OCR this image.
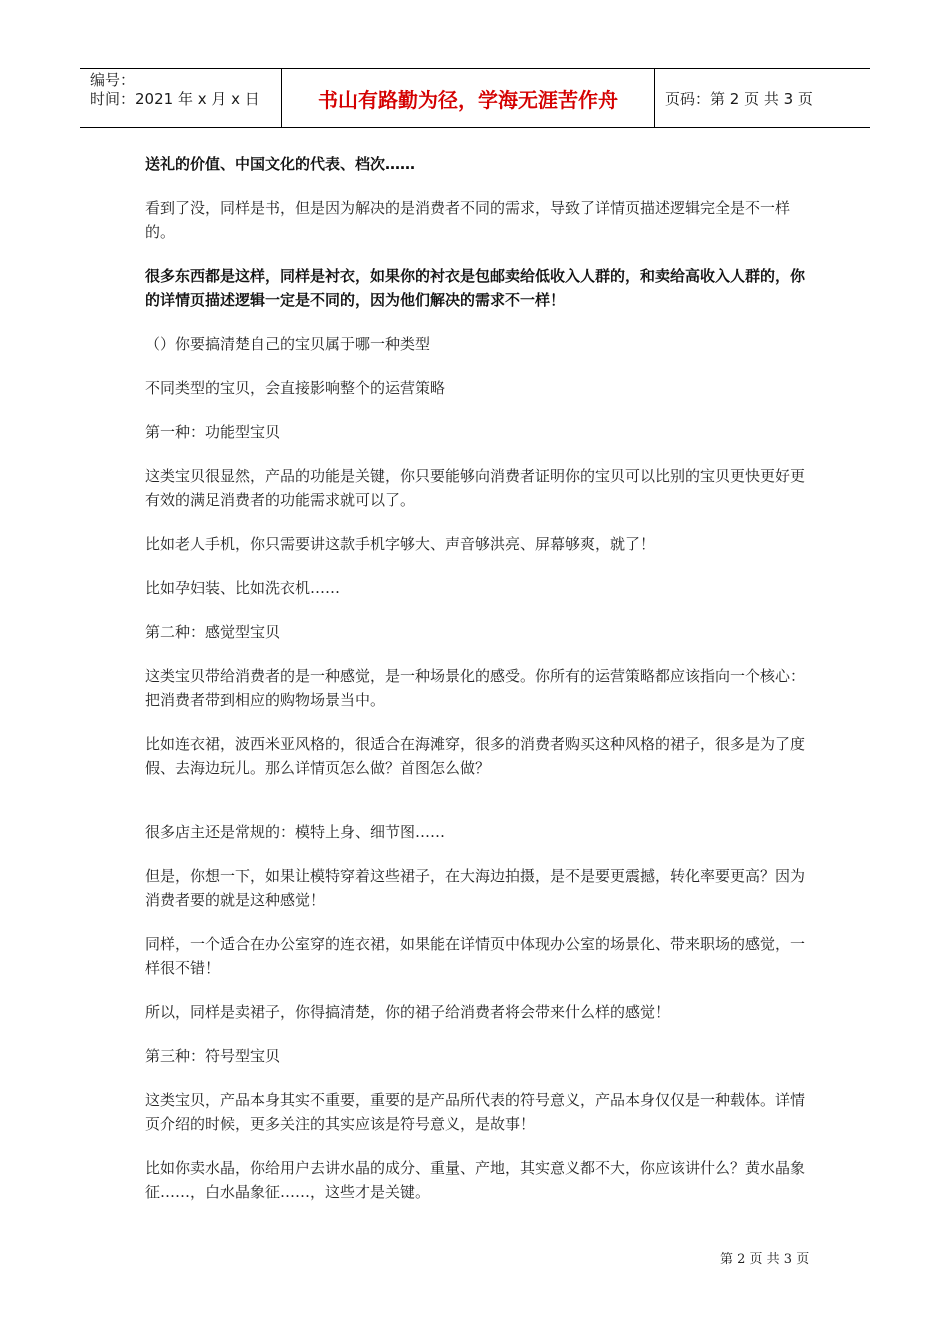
编号：
时间：2021 年 x 月 x 日	书山有路勤为径，学海无涯苦作舟	页码：第 2 页 共 3 页

送礼的价值、中国文化的代表、档次……

看到了没，同样是书，但是因为解决的是消费者不同的需求，导致了详情页描述逻辑完全是不一样的。

很多东西都是这样，同样是衬衣，如果你的衬衣是包邮卖给低收入人群的，和卖给高收入人群的，你的详情页描述逻辑一定是不同的，因为他们解决的需求不一样！

（）你要搞清楚自己的宝贝属于哪一种类型

不同类型的宝贝，会直接影响整个的运营策略

第一种：功能型宝贝

这类宝贝很显然，产品的功能是关键，你只要能够向消费者证明你的宝贝可以比别的宝贝更快更好更有效的满足消费者的功能需求就可以了。

比如老人手机，你只需要讲这款手机字够大、声音够洪亮、屏幕够爽，就了！

比如孕妇装、比如洗衣机……

第二种：感觉型宝贝

这类宝贝带给消费者的是一种感觉，是一种场景化的感受。你所有的运营策略都应该指向一个核心：把消费者带到相应的购物场景当中。

比如连衣裙，波西米亚风格的，很适合在海滩穿，很多的消费者购买这种风格的裙子，很多是为了度假、去海边玩儿。那么详情页怎么做？首图怎么做？

很多店主还是常规的：模特上身、细节图……

但是，你想一下，如果让模特穿着这些裙子，在大海边拍摄，是不是要更震撼，转化率要更高？因为消费者要的就是这种感觉！

同样，一个适合在办公室穿的连衣裙，如果能在详情页中体现办公室的场景化、带来职场的感觉，一样很不错！

所以，同样是卖裙子，你得搞清楚，你的裙子给消费者将会带来什么样的感觉！

第三种：符号型宝贝

这类宝贝，产品本身其实不重要，重要的是产品所代表的符号意义，产品本身仅仅是一种载体。详情页介绍的时候，更多关注的其实应该是符号意义，是故事！

比如你卖水晶，你给用户去讲水晶的成分、重量、产地，其实意义都不大，你应该讲什么？黄水晶象征……，白水晶象征……，这些才是关键。

第 2 页 共 3 页
